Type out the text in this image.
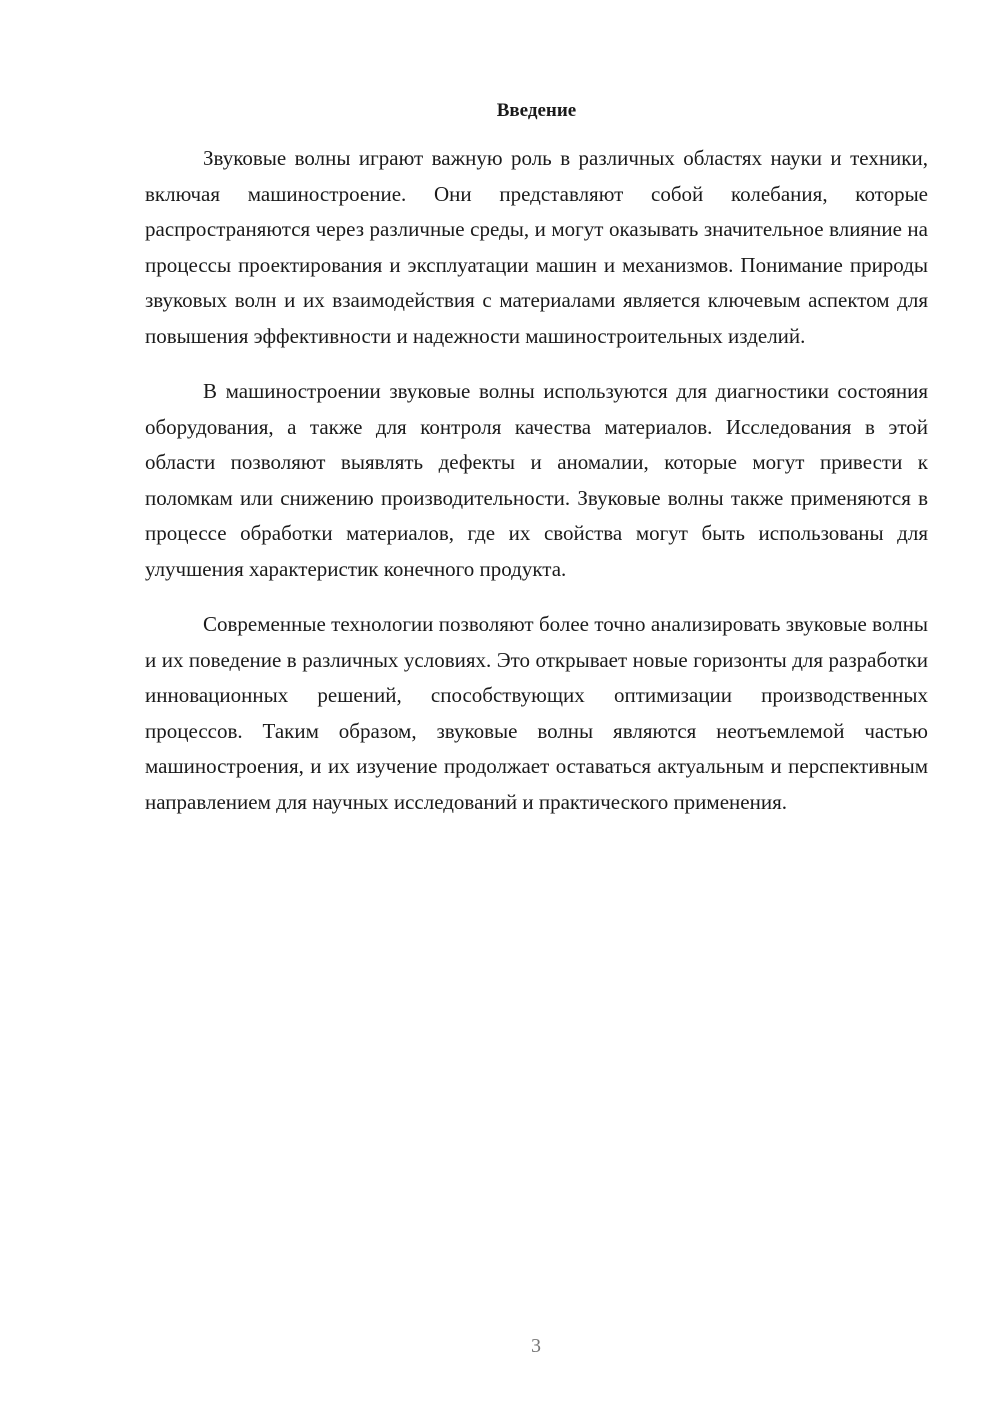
Введение

Звуковые волны играют важную роль в различных областях науки и техники, включая машиностроение. Они представляют собой колебания, которые распространяются через различные среды, и могут оказывать значительное влияние на процессы проектирования и эксплуатации машин и механизмов. Понимание природы звуковых волн и их взаимодействия с материалами является ключевым аспектом для повышения эффективности и надежности машиностроительных изделий.

В машиностроении звуковые волны используются для диагностики состояния оборудования, а также для контроля качества материалов. Исследования в этой области позволяют выявлять дефекты и аномалии, которые могут привести к поломкам или снижению производительности. Звуковые волны также применяются в процессе обработки материалов, где их свойства могут быть использованы для улучшения характеристик конечного продукта.

Современные технологии позволяют более точно анализировать звуковые волны и их поведение в различных условиях. Это открывает новые горизонты для разработки инновационных решений, способствующих оптимизации производственных процессов. Таким образом, звуковые волны являются неотъемлемой частью машиностроения, и их изучение продолжает оставаться актуальным и перспективным направлением для научных исследований и практического применения.

3
